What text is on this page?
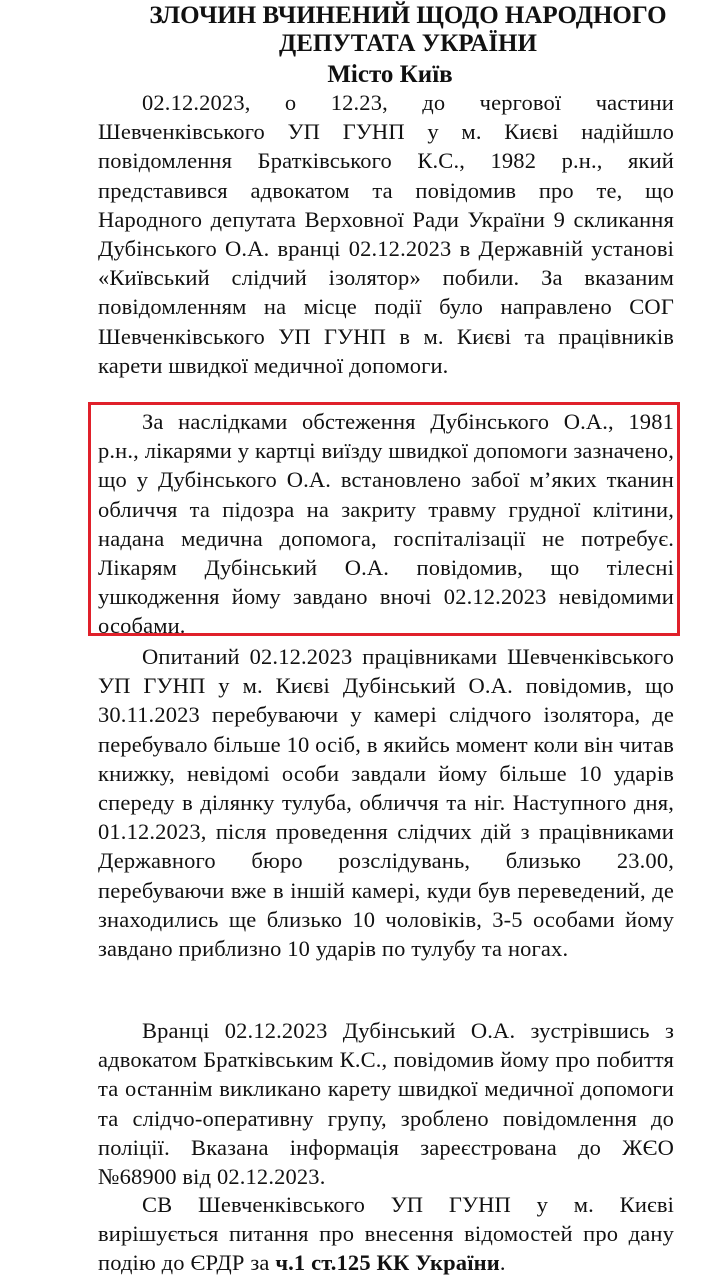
ЗЛОЧИН ВЧИНЕНИЙ ЩОДО НАРОДНОГО
ДЕПУТАТА УКРАЇНИ
Місто Київ

02.12.2023, о 12.23, до чергової частини Шевченківського УП ГУНП у м. Києві надійшло повідомлення Братківського К.С., 1982 р.н., який представився адвокатом та повідомив про те, що Народного депутата Верховної Ради України 9 скликання Дубінського О.А. вранці 02.12.2023 в Державній установі «Київський слідчий ізолятор» побили. За вказаним повідомленням на місце події було направлено СОГ Шевченківського УП ГУНП в м. Києві та працівників карети швидкої медичної допомоги.

За наслідками обстеження Дубінського О.А., 1981 р.н., лікарями у картці виїзду швидкої допомоги зазначено, що у Дубінського О.А. встановлено забої м’яких тканин обличчя та підозра на закриту травму грудної клітини, надана медична допомога, госпіталізації не потребує. Лікарям Дубінський О.А. повідомив, що тілесні ушкодження йому завдано вночі 02.12.2023 невідомими особами.

Опитаний 02.12.2023 працівниками Шевченківського УП ГУНП у м. Києві Дубінський О.А. повідомив, що 30.11.2023 перебуваючи у камері слідчого ізолятора, де перебувало більше 10 осіб, в якийсь момент коли він читав книжку, невідомі особи завдали йому більше 10 ударів спереду в ділянку тулуба, обличчя та ніг. Наступного дня, 01.12.2023, після проведення слідчих дій з працівниками Державного бюро розслідувань, близько 23.00, перебуваючи вже в іншій камері, куди був переведений, де знаходились ще близько 10 чоловіків, 3-5 особами йому завдано приблизно 10 ударів по тулубу та ногах.

Вранці 02.12.2023 Дубінський О.А. зустрівшись з адвокатом Братківським К.С., повідомив йому про побиття та останнім викликано карету швидкої медичної допомоги та слідчо-оперативну групу, зроблено повідомлення до поліції. Вказана інформація зареєстрована до ЖЄО №68900 від 02.12.2023.

СВ Шевченківського УП ГУНП у м. Києві вирішується питання про внесення відомостей про дану подію до ЄРДР за ч.1 ст.125 КК України.
